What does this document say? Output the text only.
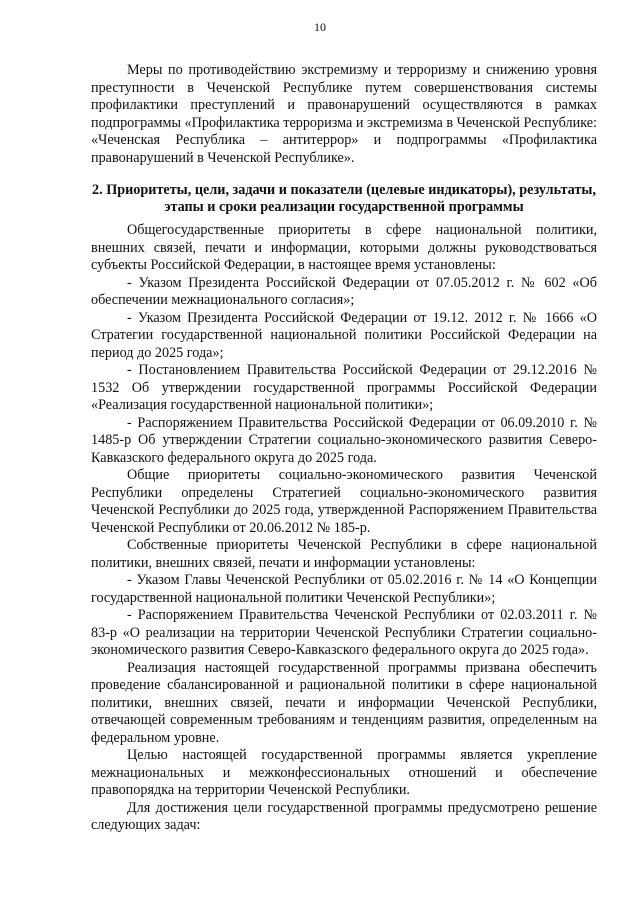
10

Меры по противодействию экстремизму и терроризму и снижению уровня преступности в Чеченской Республике путем совершенствования системы профилактики преступлений и правонарушений осуществляются в рамках подпрограммы «Профилактика терроризма и экстремизма в Чеченской Республике: «Чеченская Республика – антитеррор» и подпрограммы «Профилактика правонарушений в Чеченской Республике».

2. Приоритеты, цели, задачи и показатели (целевые индикаторы), результаты, этапы и сроки реализации государственной программы

Общегосударственные приоритеты в сфере национальной политики, внешних связей, печати и информации, которыми должны руководствоваться субъекты Российской Федерации, в настоящее время установлены:

- Указом Президента Российской Федерации от 07.05.2012 г. № 602 «Об обеспечении межнационального согласия»;

- Указом Президента Российской Федерации от 19.12. 2012 г. № 1666 «О Стратегии государственной национальной политики Российской Федерации на период до 2025 года»;

- Постановлением Правительства Российской Федерации от 29.12.2016 № 1532 Об утверждении государственной программы Российской Федерации «Реализация государственной национальной политики»;

- Распоряжением Правительства Российской Федерации от 06.09.2010 г. № 1485-р Об утверждении Стратегии социально-экономического развития Северо-Кавказского федерального округа до 2025 года.

Общие приоритеты социально-экономического развития Чеченской Республики определены Стратегией социально-экономического развития Чеченской Республики до 2025 года, утвержденной Распоряжением Правительства Чеченской Республики от 20.06.2012 № 185-р.

Собственные приоритеты Чеченской Республики в сфере национальной политики, внешних связей, печати и информации установлены:

- Указом Главы Чеченской Республики от 05.02.2016 г. № 14 «О Концепции государственной национальной политики Чеченской Республики»;

- Распоряжением Правительства Чеченской Республики от 02.03.2011 г. № 83-р «О реализации на территории Чеченской Республики Стратегии социально-экономического развития Северо-Кавказского федерального округа до 2025 года».

Реализация настоящей государственной программы призвана обеспечить проведение сбалансированной и рациональной политики в сфере национальной политики, внешних связей, печати и информации Чеченской Республики, отвечающей современным требованиям и тенденциям развития, определенным на федеральном уровне.

Целью настоящей государственной программы является укрепление межнациональных и межконфессиональных отношений и обеспечение правопорядка на территории Чеченской Республики.

Для достижения цели государственной программы предусмотрено решение следующих задач:
